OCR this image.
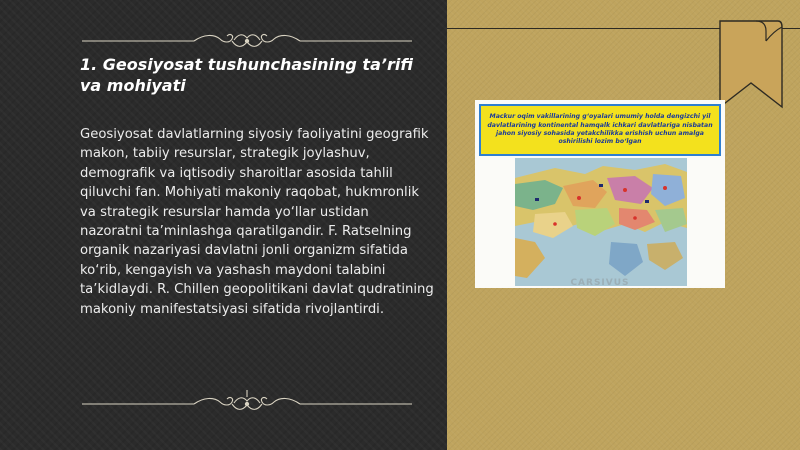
1. Geosiyosat tushunchasining ta’rifi va mohiyati
Geosiyosat davlatlarning siyosiy faoliyatini geografik makon, tabiiy resurslar, strategik joylashuv, demografik va iqtisodiy sharoitlar asosida tahlil qiluvchi fan. Mohiyati makoniy raqobat, hukmronlik va strategik resurslar hamda yo‘llar ustidan nazoratni ta’minlashga qaratilgandir. F. Ratselning organik nazariyasi davlatni jonli organizm sifatida ko‘rib, kengayish va yashash maydoni talabini ta’kidlaydi. R. Chillen geopolitikani davlat qudratining makoniy manifestatsiyasi sifatida rivojlantirdi.
Mackur oqim vakillarining g‘oyalari umumiy holda dengizchi yil davlatlarining kontinental hamqalk ichkari davlatlariga nisbatan jahon siyosiy sohasida yetakchilikka erishish uchun amalga oshirilishi lozim bo‘lgan
CARSIVUS
